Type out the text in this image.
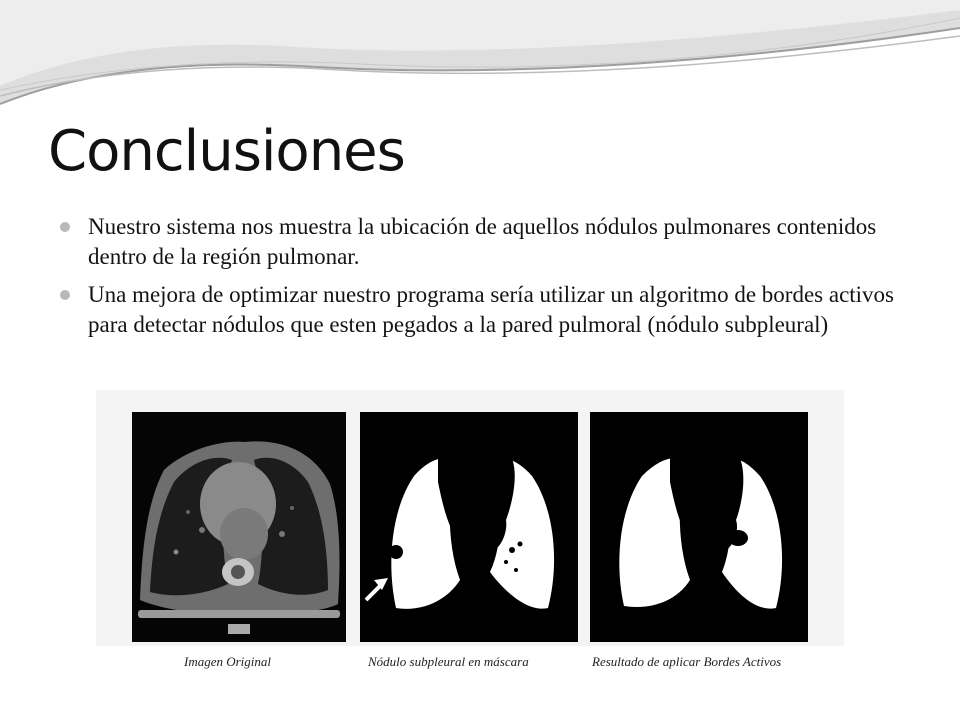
Conclusiones
Nuestro sistema nos muestra la ubicación de aquellos nódulos pulmonares contenidos dentro de la región pulmonar.
Una mejora de optimizar nuestro programa sería utilizar un algoritmo de bordes activos para detectar nódulos que esten pegados a la pared pulmoral (nódulo subpleural)
Imagen Original	Nódulo subpleural en máscara	Resultado de aplicar Bordes Activos
